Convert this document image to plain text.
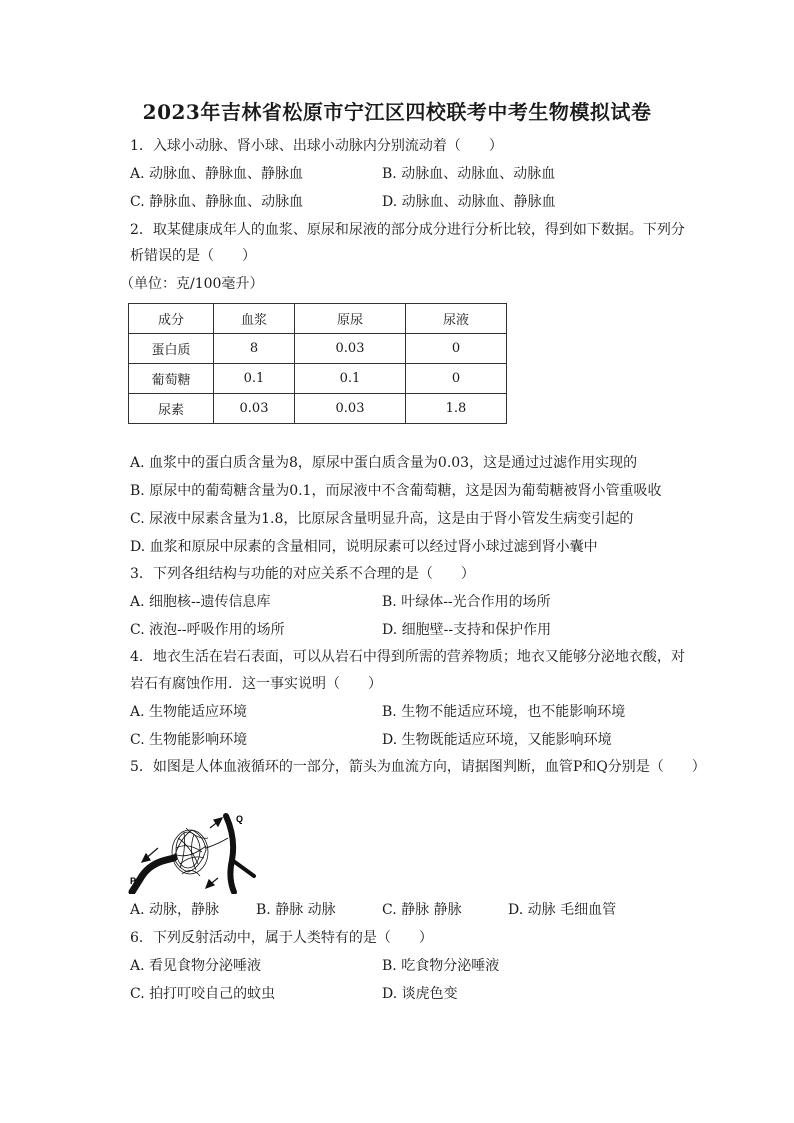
2023年吉林省松原市宁江区四校联考中考生物模拟试卷
1．入球小动脉、肾小球、出球小动脉内分别流动着（　　）
A. 动脉血、静脉血、静脉血	B. 动脉血、动脉血、动脉血
C. 静脉血、静脉血、动脉血	D. 动脉血、动脉血、静脉血
2．取某健康成年人的血浆、原尿和尿液的部分成分进行分析比较，得到如下数据。下列分
析错误的是（　　）
（单位：克/100毫升）
成分	血浆	原尿	尿液
蛋白质	8	0.03	0
葡萄糖	0.1	0.1	0
尿素	0.03	0.03	1.8
A. 血浆中的蛋白质含量为8，原尿中蛋白质含量为0.03，这是通过过滤作用实现的
B. 原尿中的葡萄糖含量为0.1，而尿液中不含葡萄糖，这是因为葡萄糖被肾小管重吸收
C. 尿液中尿素含量为1.8，比原尿含量明显升高，这是由于肾小管发生病变引起的
D. 血浆和原尿中尿素的含量相同，说明尿素可以经过肾小球过滤到肾小囊中
3．下列各组结构与功能的对应关系不合理的是（　　）
A. 细胞核--遗传信息库	B. 叶绿体--光合作用的场所
C. 液泡--呼吸作用的场所	D. 细胞壁--支持和保护作用
4．地衣生活在岩石表面，可以从岩石中得到所需的营养物质；地衣又能够分泌地衣酸，对
岩石有腐蚀作用．这一事实说明（　　）
A. 生物能适应环境	B. 生物不能适应环境，也不能影响环境
C. 生物能影响环境	D. 生物既能适应环境，又能影响环境
5．如图是人体血液循环的一部分，箭头为血流方向，请据图判断，血管P和Q分别是（　　）
P
Q
A. 动脉，静脉	B. 静脉 动脉	C. 静脉 静脉	D. 动脉 毛细血管
6．下列反射活动中，属于人类特有的是（　　）
A. 看见食物分泌唾液	B. 吃食物分泌唾液
C. 拍打叮咬自己的蚊虫	D. 谈虎色变
